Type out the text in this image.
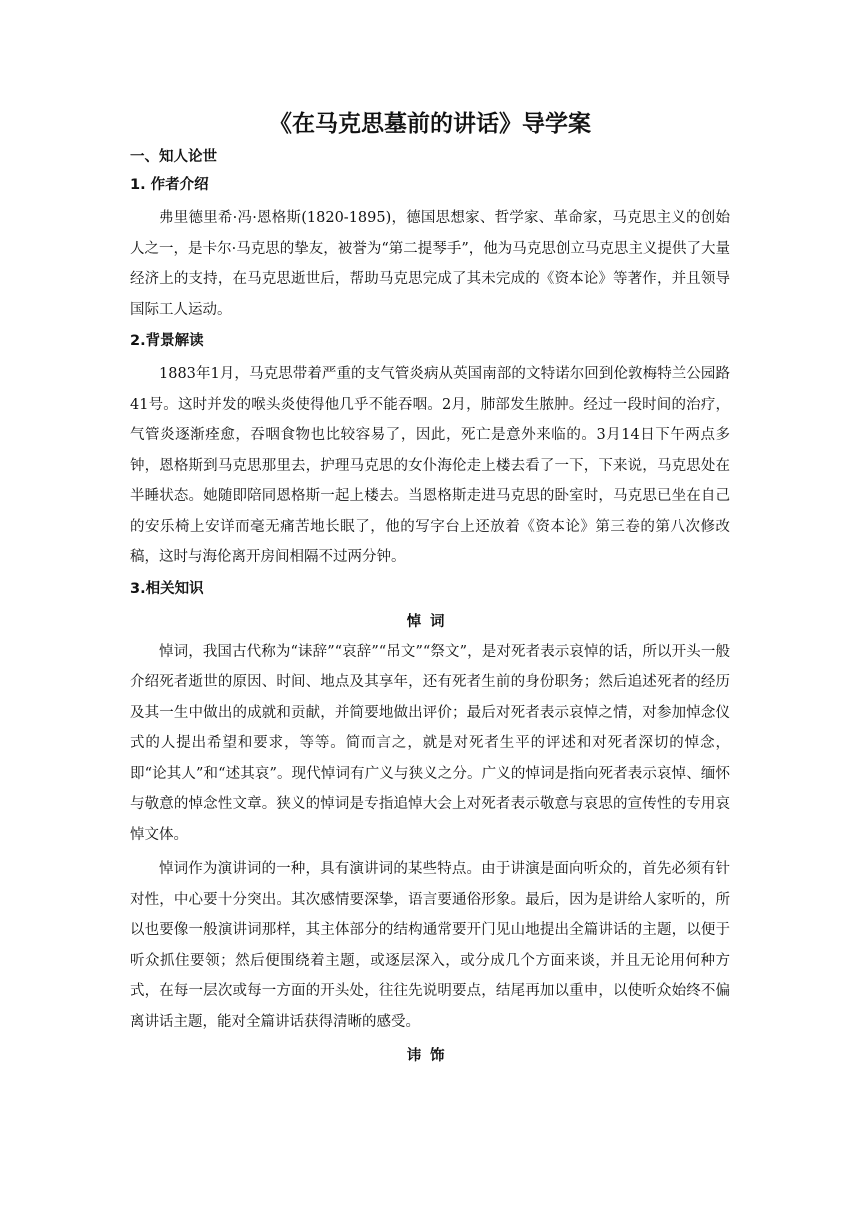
《在马克思墓前的讲话》导学案
一、知人论世
1. 作者介绍

弗里德里希·冯·恩格斯(1820-1895)，德国思想家、哲学家、革命家，马克思主义的创始人之一，是卡尔·马克思的挚友，被誉为“第二提琴手”，他为马克思创立马克思主义提供了大量经济上的支持，在马克思逝世后，帮助马克思完成了其未完成的《资本论》等著作，并且领导国际工人运动。

2.背景解读

1883年1月，马克思带着严重的支气管炎病从英国南部的文特诺尔回到伦敦梅特兰公园路41号。这时并发的喉头炎使得他几乎不能吞咽。2月，肺部发生脓肿。经过一段时间的治疗，气管炎逐渐痊愈，吞咽食物也比较容易了，因此，死亡是意外来临的。3月14日下午两点多钟，恩格斯到马克思那里去，护理马克思的女仆海伦走上楼去看了一下，下来说，马克思处在半睡状态。她随即陪同恩格斯一起上楼去。当恩格斯走进马克思的卧室时，马克思已坐在自己的安乐椅上安详而毫无痛苦地长眠了，他的写字台上还放着《资本论》第三卷的第八次修改稿，这时与海伦离开房间相隔不过两分钟。

3.相关知识
悼词

悼词，我国古代称为“诔辞”“哀辞”“吊文”“祭文”，是对死者表示哀悼的话，所以开头一般介绍死者逝世的原因、时间、地点及其享年，还有死者生前的身份职务；然后追述死者的经历及其一生中做出的成就和贡献，并简要地做出评价；最后对死者表示哀悼之情，对参加悼念仪式的人提出希望和要求，等等。简而言之，就是对死者生平的评述和对死者深切的悼念，即“论其人”和“述其哀”。现代悼词有广义与狭义之分。广义的悼词是指向死者表示哀悼、缅怀与敬意的悼念性文章。狭义的悼词是专指追悼大会上对死者表示敬意与哀思的宣传性的专用哀悼文体。

悼词作为演讲词的一种，具有演讲词的某些特点。由于讲演是面向听众的，首先必须有针对性，中心要十分突出。其次感情要深挚，语言要通俗形象。最后，因为是讲给人家听的，所以也要像一般演讲词那样，其主体部分的结构通常要开门见山地提出全篇讲话的主题，以便于听众抓住要领；然后便围绕着主题，或逐层深入，或分成几个方面来谈，并且无论用何种方式，在每一层次或每一方面的开头处，往往先说明要点，结尾再加以重申，以使听众始终不偏离讲话主题，能对全篇讲话获得清晰的感受。

讳饰
